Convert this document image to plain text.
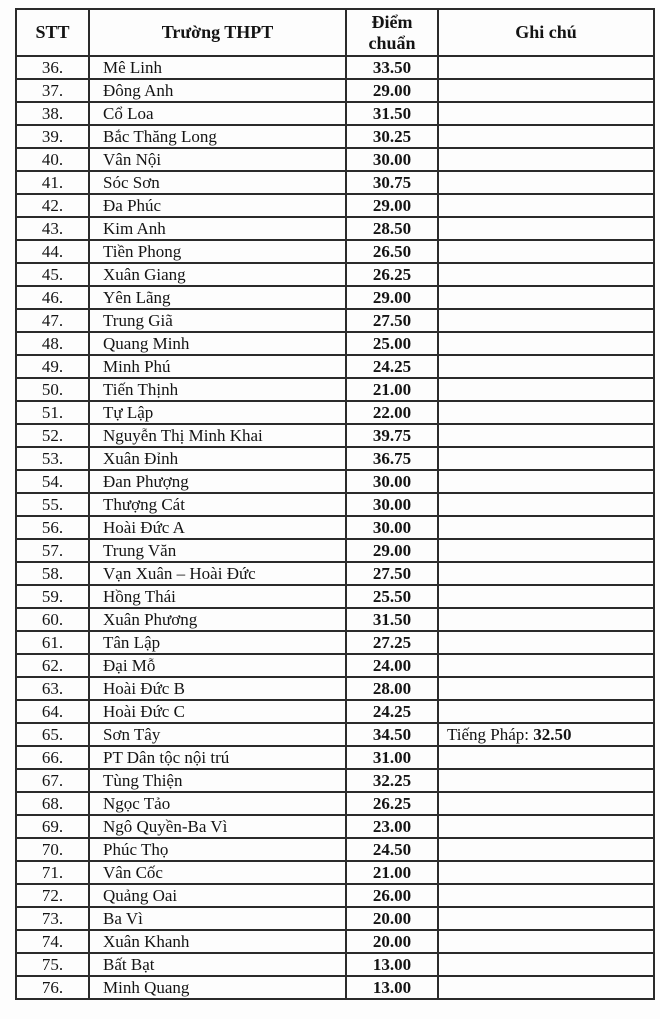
STT	Trường THPT	Điểm chuẩn	Ghi chú
36.	Mê Linh	33.50	
37.	Đông Anh	29.00	
38.	Cổ Loa	31.50	
39.	Bắc Thăng Long	30.25	
40.	Vân Nội	30.00	
41.	Sóc Sơn	30.75	
42.	Đa Phúc	29.00	
43.	Kim Anh	28.50	
44.	Tiền Phong	26.50	
45.	Xuân Giang	26.25	
46.	Yên Lãng	29.00	
47.	Trung Giã	27.50	
48.	Quang Minh	25.00	
49.	Minh Phú	24.25	
50.	Tiến Thịnh	21.00	
51.	Tự Lập	22.00	
52.	Nguyễn Thị Minh Khai	39.75	
53.	Xuân Đỉnh	36.75	
54.	Đan Phượng	30.00	
55.	Thượng Cát	30.00	
56.	Hoài Đức A	30.00	
57.	Trung Văn	29.00	
58.	Vạn Xuân – Hoài Đức	27.50	
59.	Hồng Thái	25.50	
60.	Xuân Phương	31.50	
61.	Tân Lập	27.25	
62.	Đại Mỗ	24.00	
63.	Hoài Đức B	28.00	
64.	Hoài Đức C	24.25	
65.	Sơn Tây	34.50	Tiếng Pháp: 32.50
66.	PT Dân tộc nội trú	31.00	
67.	Tùng Thiện	32.25	
68.	Ngọc Tảo	26.25	
69.	Ngô Quyền-Ba Vì	23.00	
70.	Phúc Thọ	24.50	
71.	Vân Cốc	21.00	
72.	Quảng Oai	26.00	
73.	Ba Vì	20.00	
74.	Xuân Khanh	20.00	
75.	Bất Bạt	13.00	
76.	Minh Quang	13.00	
